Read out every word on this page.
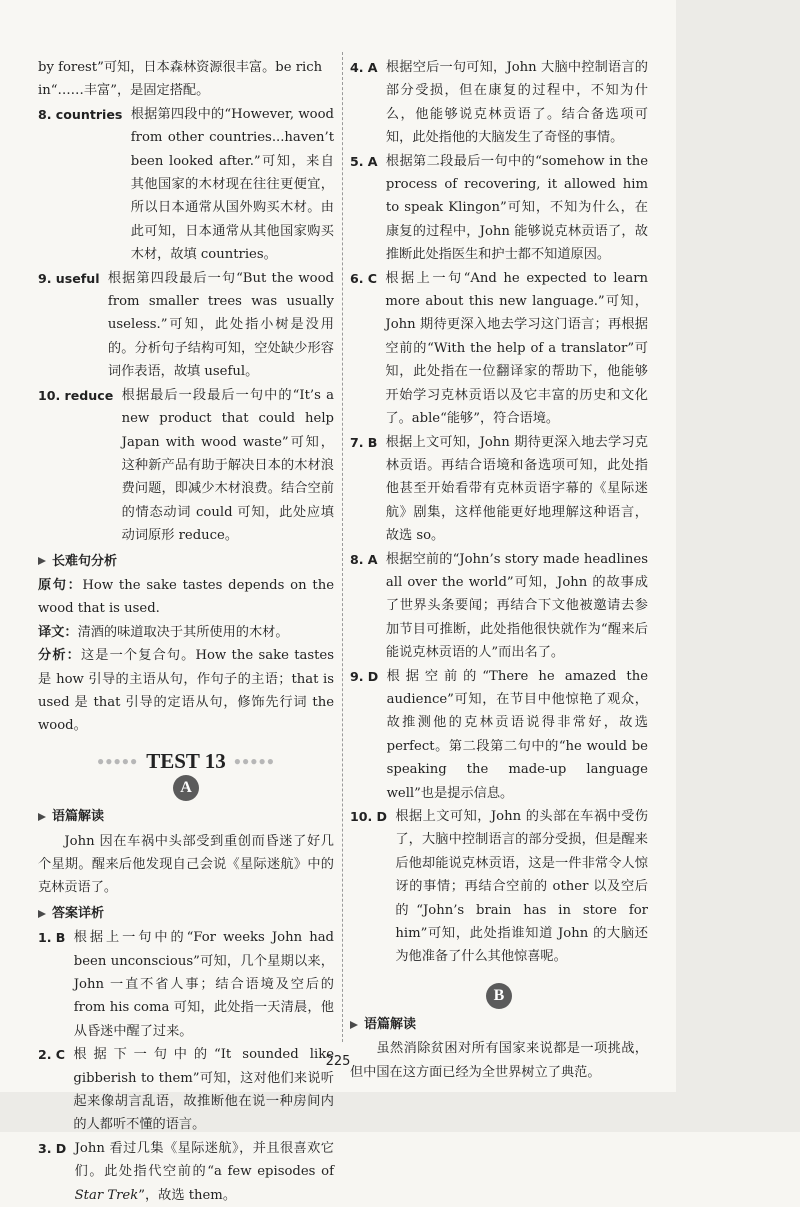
by forest”可知，日本森林资源很丰富。be rich
in“……丰富”，是固定搭配。

8. countries 根据第四段中的“However, wood from other countries...haven’t been looked after.”可知，来自其他国家的木材现在往往更便宜，所以日本通常从国外购买木材。由此可知，日本通常从其他国家购买木材，故填 countries。
9. useful 根据第四段最后一句“But the wood from smaller trees was usually useless.”可知，此处指小树是没用的。分析句子结构可知，空处缺少形容词作表语，故填 useful。
10. reduce 根据最后一段最后一句中的“It’s a new product that could help Japan with wood waste”可知，这种新产品有助于解决日本的木材浪费问题，即减少木材浪费。结合空前的情态动词 could 可知，此处应填动词原形 reduce。
长难句分析

原句：How the sake tastes depends on the wood that is used.

译文：清酒的味道取决于其所使用的木材。

分析：这是一个复合句。How the sake tastes 是 how 引导的主语从句，作句子的主语；that is used 是 that 引导的定语从句，修饰先行词 the wood。

●●●●● TEST 13 ●●●●●
A
语篇解读

John 因在车祸中头部受到重创而昏迷了好几个星期。醒来后他发现自己会说《星际迷航》中的克林贡语了。

答案详析
1. B 根据上一句中的“For weeks John had been unconscious”可知，几个星期以来，John 一直不省人事；结合语境及空后的 from his coma 可知，此处指一天清晨，他从昏迷中醒了过来。
2. C 根据下一句中的“It sounded like gibberish to them”可知，这对他们来说听起来像胡言乱语，故推断他在说一种房间内的人都听不懂的语言。
3. D John 看过几集《星际迷航》，并且很喜欢它们。此处指代空前的“a few episodes of Star Trek”，故选 them。
4. A 根据空后一句可知，John 大脑中控制语言的部分受损，但在康复的过程中，不知为什么，他能够说克林贡语了。结合备选项可知，此处指他的大脑发生了奇怪的事情。
5. A 根据第二段最后一句中的“somehow in the process of recovering, it allowed him to speak Klingon”可知，不知为什么，在康复的过程中，John 能够说克林贡语了，故推断此处指医生和护士都不知道原因。
6. C 根据上一句“And he expected to learn more about this new language.”可知，John 期待更深入地去学习这门语言；再根据空前的“With the help of a translator”可知，此处指在一位翻译家的帮助下，他能够开始学习克林贡语以及它丰富的历史和文化了。able“能够”，符合语境。
7. B 根据上文可知，John 期待更深入地去学习克林贡语。再结合语境和备选项可知，此处指他甚至开始看带有克林贡语字幕的《星际迷航》剧集，这样他能更好地理解这种语言，故选 so。
8. A 根据空前的“John’s story made headlines all over the world”可知，John 的故事成了世界头条要闻；再结合下文他被邀请去参加节目可推断，此处指他很快就作为“醒来后能说克林贡语的人”而出名了。
9. D 根据空前的“There he amazed the audience”可知，在节目中他惊艳了观众，故推测他的克林贡语说得非常好，故选 perfect。第二段第二句中的“he would be speaking the made-up language well”也是提示信息。
10. D 根据上文可知，John 的头部在车祸中受伤了，大脑中控制语言的部分受损，但是醒来后他却能说克林贡语，这是一件非常令人惊讶的事情；再结合空前的 other 以及空后的“John’s brain has in store for him”可知，此处指谁知道 John 的大脑还为他准备了什么其他惊喜呢。
B
语篇解读

虽然消除贫困对所有国家来说都是一项挑战，但中国在这方面已经为全世界树立了典范。

225
